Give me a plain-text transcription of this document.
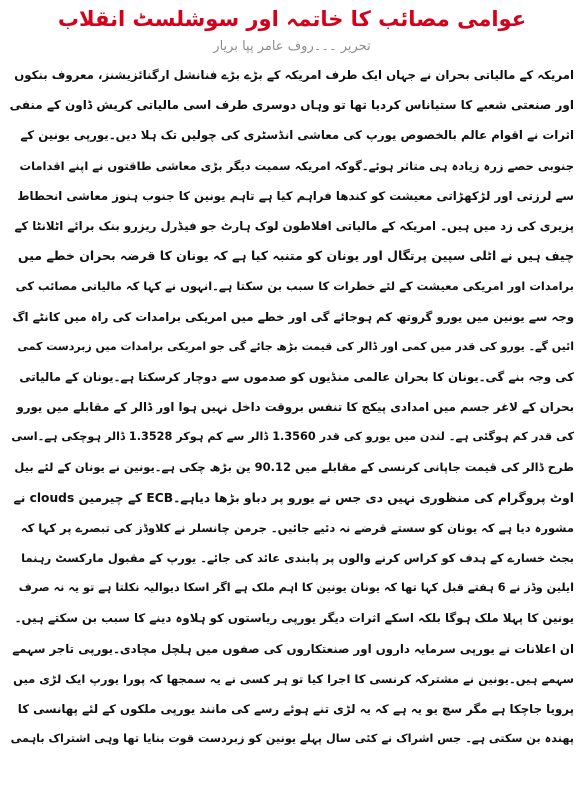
عوامی مصائب کا خاتمہ اور سوشلسٹ انقلاب
تحریر ۔۔۔روف عامر پپا بریار
امریکہ کے مالیاتی بحران نے جہاں ایک طرف امریکہ کے بڑے بڑے فنانشل ارگنائزیشنز، معروف بنکوں
اور صنعتی شعبے کا ستیاناس کردیا تھا تو وہاں دوسری طرف اسی مالیاتی کریش ڈاون کے منفی
اثرات نے اقوام عالم بالخصوص یورپ کی معاشی انڈسٹری کی چولیں تک ہلا دیں۔یورپی یونین کے
جنوبی حصے زرہ زیادہ ہی متاثر ہوئے۔گوکہ امریکہ سمیت دیگر بڑی معاشی طاقتوں نے اپنے اقدامات
سے لرزتی اور لڑکھڑاتی معیشت کو کندھا فراہم کیا ہے تاہم یونین کا جنوب ہنوز معاشی انحطاط
پزیری کی زد میں ہیں۔ امریکہ کے مالیاتی افلاطون لوک ہارٹ جو فیڈرل ریزرو بنک برائے اٹلانٹا کے
چیف ہیں نے اٹلی سپین پرتگال اور یونان کو متنبہ کیا ہے کہ یونان کا قرضہ بحران خطے میں
برامدات اور امریکی معیشت کے لئے خطرات کا سبب بن سکتا ہے۔انہوں نے کہا کہ مالیاتی مصائب کی
وجہ سے یونین میں یورو گروتھ کم ہوجائے گی اور خطے میں امریکی برامدات کی راہ میں کانٹے اگ
ائیں گے۔ یورو کی قدر میں کمی اور ڈالر کی قیمت بڑھ جائے گی جو امریکی برامدات میں زبردست کمی
کی وجہ بنے گی۔یونان کا بحران عالمی منڈیوں کو صدموں سے دوچار کرسکتا ہے۔یونان کے مالیاتی
بحران کے لاغر جسم میں امدادی پیکج کا تنفس بروقت داخل نہیں ہوا اور ڈالر کے مقابلے میں یورو
کی قدر کم ہوگئی ہے۔ لندن میں یورو کی قدر 1.3560 ڈالر سے کم ہوکر 1.3528 ڈالر ہوچکی ہے۔اسی
طرح ڈالر کی قیمت جاپانی کرنسی کے مقابلے میں 90.12 ین بڑھ چکی ہے۔یونین نے یونان کے لئے بیل
اوٹ پروگرام کی منظوری نہیں دی جس نے یورو پر دباو بڑھا دیاہے۔ECB کے چیرمین clouds نے
مشورہ دیا ہے کہ یونان کو سستے قرضے نہ دئیے جائیں۔ جرمن چانسلر نے کلاوڈز کی تبصرے پر کہا کہ
بجٹ خسارے کے ہدف کو کراس کرنے والوں پر پابندی عائد کی جائے۔ یورپ کے مقبول مارکسٹ رہنما
ایلین وڈز نے 6 ہفتے قبل کہا تھا کہ یونان یونین کا اہم ملک ہے اگر اسکا دیوالیہ نکلتا ہے تو یہ نہ صرف
یونین کا پہلا ملک ہوگا بلکہ اسکے اثرات دیگر یورپی ریاستوں کو ہلاوہ دینے کا سبب بن سکتے ہیں۔
ان اعلانات نے یورپی سرمایہ داروں اور صنعتکاروں کی صفوں میں ہلچل مچادی۔یورپی تاجر سہمے
سہمے ہیں۔یونین نے مشترکہ کرنسی کا اجرا کیا تو ہر کسی نے یہ سمجھا کہ پورا یورپ ایک لڑی میں
پرویا جاچکا ہے مگر سچ یو یہ ہے کہ یہ لڑی تنے ہوئے رسے کی مانند یورپی ملکوں کے لئے پھانسی کا
پھندہ بن سکتی ہے۔ جس اشراک نے کئی سال پہلے یونین کو زبردست قوت بنایا تھا وہی اشتراک باہمی
